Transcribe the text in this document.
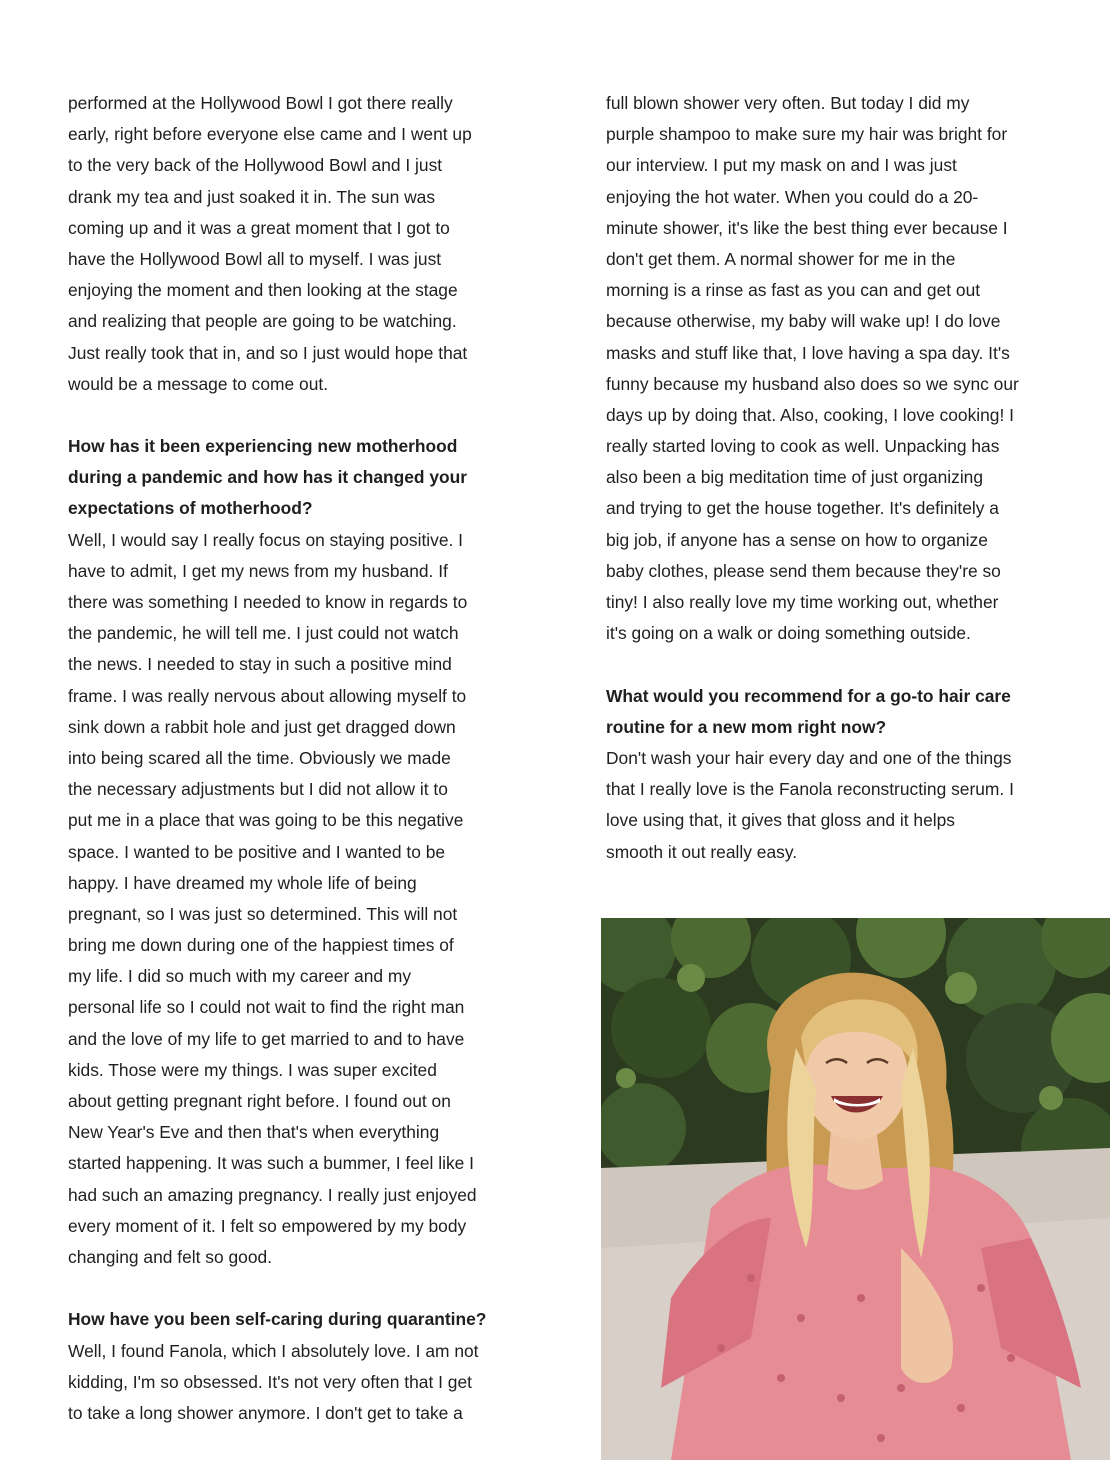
performed at the Hollywood Bowl I got there really
early, right before everyone else came and I went up
to the very back of the Hollywood Bowl and I just
drank my tea and just soaked it in. The sun was
coming up and it was a great moment that I got to
have the Hollywood Bowl all to myself. I was just
enjoying the moment and then looking at the stage
and realizing that people are going to be watching.
Just really took that in, and so I just would hope that
would be a message to come out.
How has it been experiencing new motherhood
during a pandemic and how has it changed your
expectations of motherhood?
Well, I would say I really focus on staying positive. I
have to admit, I get my news from my husband. If
there was something I needed to know in regards to
the pandemic, he will tell me. I just could not watch
the news. I needed to stay in such a positive mind
frame. I was really nervous about allowing myself to
sink down a rabbit hole and just get dragged down
into being scared all the time. Obviously we made
the necessary adjustments but I did not allow it to
put me in a place that was going to be this negative
space. I wanted to be positive and I wanted to be
happy. I have dreamed my whole life of being
pregnant, so I was just so determined. This will not
bring me down during one of the happiest times of
my life. I did so much with my career and my
personal life so I could not wait to find the right man
and the love of my life to get married to and to have
kids. Those were my things. I was super excited
about getting pregnant right before. I found out on
New Year's Eve and then that's when everything
started happening. It was such a bummer, I feel like I
had such an amazing pregnancy. I really just enjoyed
every moment of it. I felt so empowered by my body
changing and felt so good.
How have you been self-caring during quarantine?
Well, I found Fanola, which I absolutely love. I am not
kidding, I'm so obsessed. It's not very often that I get
to take a long shower anymore. I don't get to take a
full blown shower very often. But today I did my
purple shampoo to make sure my hair was bright for
our interview. I put my mask on and I was just
enjoying the hot water. When you could do a 20-
minute shower, it's like the best thing ever because I
don't get them. A normal shower for me in the
morning is a rinse as fast as you can and get out
because otherwise, my baby will wake up! I do love
masks and stuff like that, I love having a spa day. It's
funny because my husband also does so we sync our
days up by doing that. Also, cooking, I love cooking! I
really started loving to cook as well. Unpacking has
also been a big meditation time of just organizing
and trying to get the house together. It's definitely a
big job, if anyone has a sense on how to organize
baby clothes, please send them because they're so
tiny! I also really love my time working out, whether
it's going on a walk or doing something outside.
What would you recommend for a go-to hair care
routine for a new mom right now?
Don't wash your hair every day and one of the things
that I really love is the Fanola reconstructing serum. I
love using that, it gives that gloss and it helps
smooth it out really easy.
